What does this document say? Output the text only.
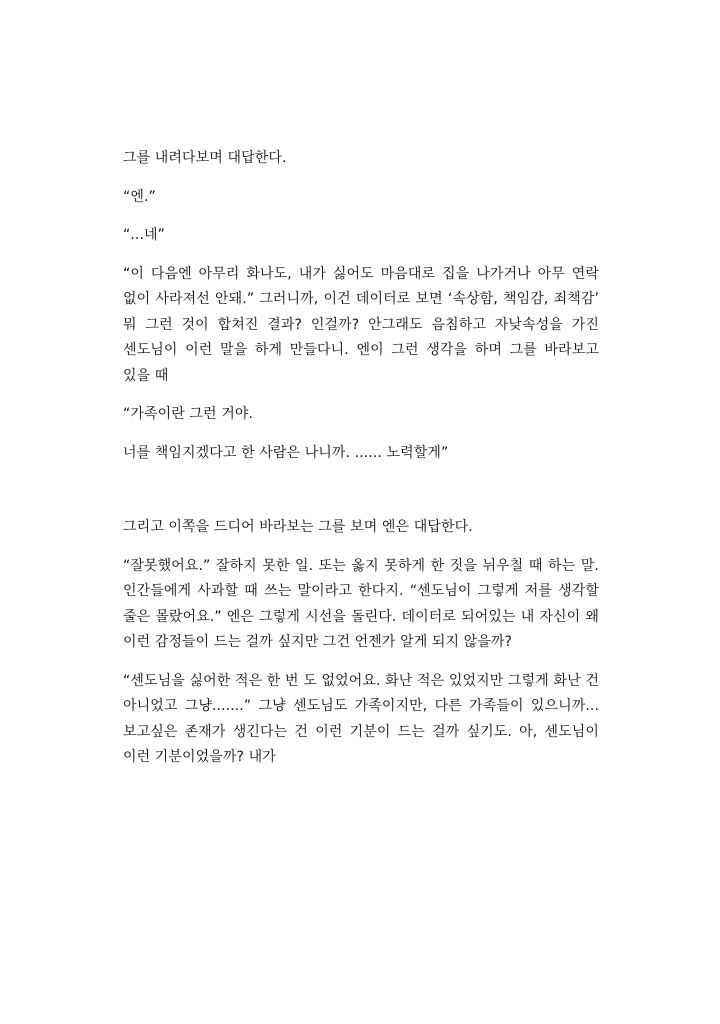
그를 내려다보며 대답한다.

“엔.”

“...네”

“이 다음엔 아무리 화나도, 내가 싫어도 마음대로 집을 나가거나 아무 연락 없이 사라져선 안돼.” 그러니까, 이건 데이터로 보면 ‘속상함, 책임감, 죄책감’ 뭐 그런 것이 합쳐진 결과? 인걸까? 안그래도 음침하고 자낮속성을 가진 센도님이 이런 말을 하게 만들다니. 엔이 그런 생각을 하며 그를 바라보고 있을 때

“가족이란 그런 거야.

너를 책임지겠다고 한 사람은 나니까. ...... 노력할게”

그리고 이쪽을 드디어 바라보는 그를 보며 엔은 대답한다.

“잘못했어요.” 잘하지 못한 일. 또는 옳지 못하게 한 짓을 뉘우칠 때 하는 말. 인간들에게 사과할 때 쓰는 말이라고 한다지. “센도님이 그렇게 저를 생각할 줄은 몰랐어요.” 엔은 그렇게 시선을 돌린다. 데이터로 되어있는 내 자신이 왜 이런 감정들이 드는 걸까 싶지만 그건 언젠가 알게 되지 않을까?

“센도님을 싫어한 적은 한 번 도 없었어요. 화난 적은 있었지만 그렇게 화난 건 아니었고 그냥.......” 그냥 센도님도 가족이지만, 다른 가족들이 있으니까... 보고싶은 존재가 생긴다는 건 이런 기분이 드는 걸까 싶기도. 아, 센도님이 이런 기분이었을까? 내가
